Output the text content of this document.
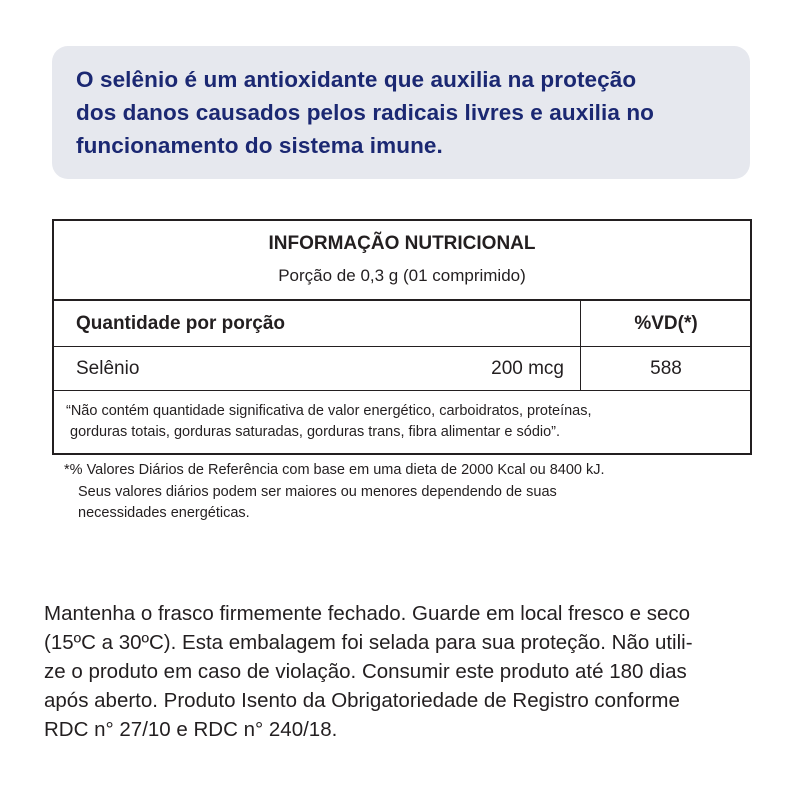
O selênio é um antioxidante que auxilia na proteção
dos danos causados pelos radicais livres e auxilia no
funcionamento do sistema imune.

INFORMAÇÃO NUTRICIONAL
Porção de 0,3 g (01 comprimido)
Quantidade por porção	%VD(*)
Selênio	200 mcg	588

“Não contém quantidade significativa de valor energético, carboidratos, proteínas,
gorduras totais, gorduras saturadas, gorduras trans, fibra alimentar e sódio”.

*% Valores Diários de Referência com base em uma dieta de 2000 Kcal ou 8400 kJ.
Seus valores diários podem ser maiores ou menores dependendo de suas
necessidades energéticas.

Mantenha o frasco firmemente fechado. Guarde em local fresco e seco
(15ºC a 30ºC). Esta embalagem foi selada para sua proteção. Não utili-
ze o produto em caso de violação. Consumir este produto até 180 dias
após aberto. Produto Isento da Obrigatoriedade de Registro conforme
RDC n° 27/10 e RDC n° 240/18.
